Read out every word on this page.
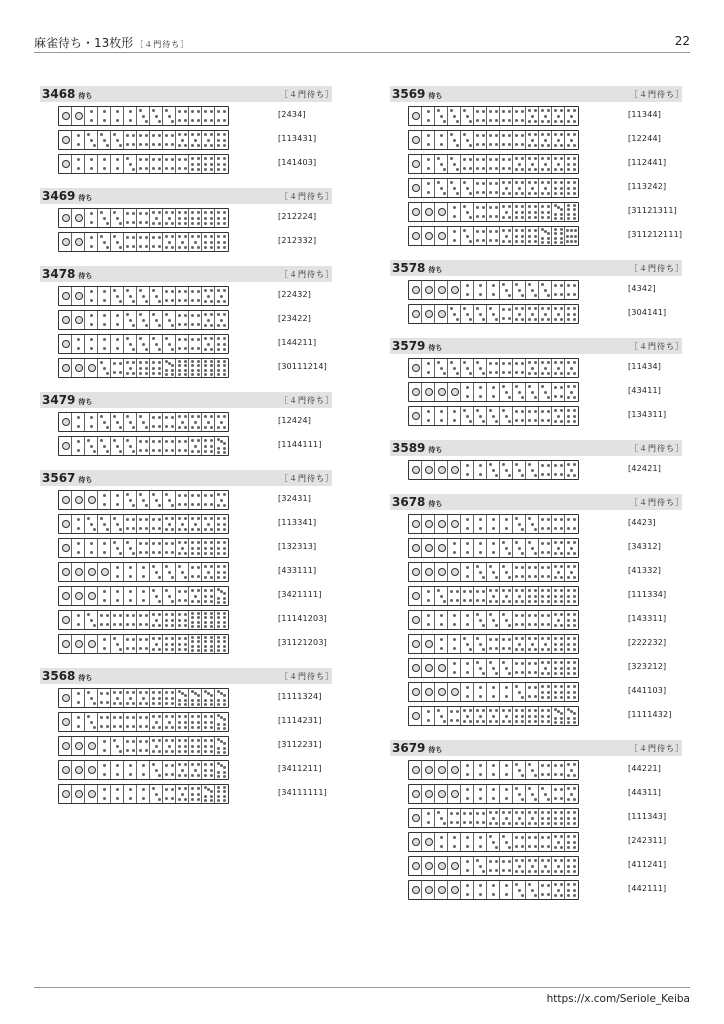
麻雀待ち・13枚形 ［４門待ち］	22
3468 待ち	［４門待ち］
[2434]
[113431]
[141403]
3469 待ち	［４門待ち］
[212224]
[212332]
3478 待ち	［４門待ち］
[22432]
[23422]
[144211]
[30111214]
3479 待ち	［４門待ち］
[12424]
[1144111]
3567 待ち	［４門待ち］
[32431]
[113341]
[132313]
[433111]
[3421111]
[11141203]
[31121203]
3568 待ち	［４門待ち］
[1111324]
[1114231]
[3112231]
[3411211]
[34111111]
3569 待ち	［４門待ち］
[11344]
[12244]
[112441]
[113242]
[31121311]
[311212111]
3578 待ち	［４門待ち］
[4342]
[304141]
3579 待ち	［４門待ち］
[11434]
[43411]
[134311]
3589 待ち	［４門待ち］
[42421]
3678 待ち	［４門待ち］
[4423]
[34312]
[41332]
[111334]
[143311]
[222232]
[323212]
[441103]
[1111432]
3679 待ち	［４門待ち］
[44221]
[44311]
[111343]
[242311]
[411241]
[442111]
https://x.com/Seriole_Keiba
